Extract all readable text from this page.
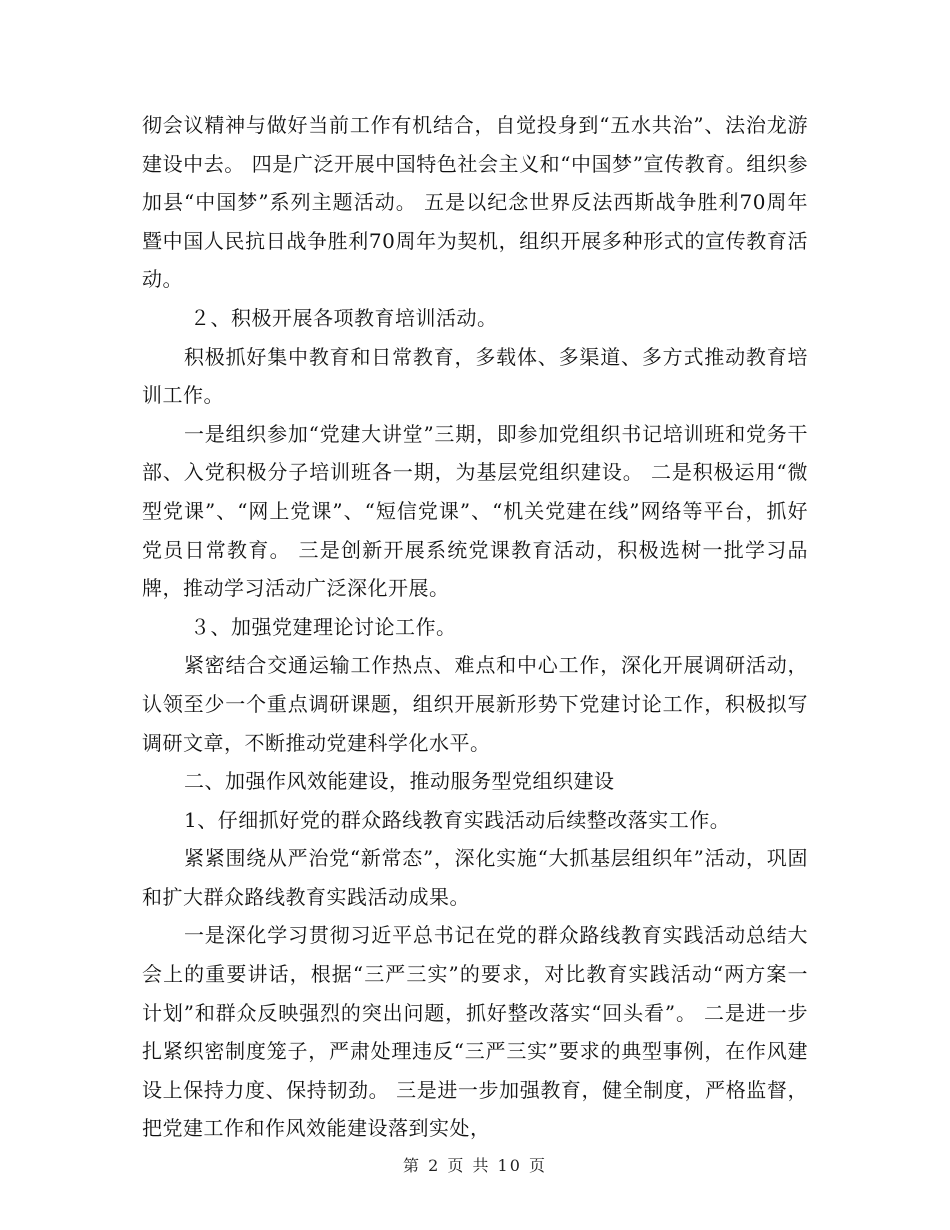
彻会议精神与做好当前工作有机结合，自觉投身到“五水共治”、法治龙游建设中去。 四是广泛开展中国特色社会主义和“中国梦”宣传教育。组织参加县“中国梦”系列主题活动。 五是以纪念世界反法西斯战争胜利70周年暨中国人民抗日战争胜利70周年为契机，组织开展多种形式的宣传教育活动。

２、积极开展各项教育培训活动。

积极抓好集中教育和日常教育，多载体、多渠道、多方式推动教育培训工作。

一是组织参加“党建大讲堂”三期，即参加党组织书记培训班和党务干部、入党积极分子培训班各一期，为基层党组织建设。 二是积极运用“微型党课”、“网上党课”、“短信党课”、“机关党建在线”网络等平台，抓好党员日常教育。 三是创新开展系统党课教育活动，积极选树一批学习品牌，推动学习活动广泛深化开展。

３、加强党建理论讨论工作。

紧密结合交通运输工作热点、难点和中心工作，深化开展调研活动，认领至少一个重点调研课题，组织开展新形势下党建讨论工作，积极拟写调研文章，不断推动党建科学化水平。

二、加强作风效能建设，推动服务型党组织建设

1、仔细抓好党的群众路线教育实践活动后续整改落实工作。

紧紧围绕从严治党“新常态”，深化实施“大抓基层组织年”活动，巩固和扩大群众路线教育实践活动成果。

一是深化学习贯彻习近平总书记在党的群众路线教育实践活动总结大会上的重要讲话，根据“三严三实”的要求，对比教育实践活动“两方案一计划”和群众反映强烈的突出问题，抓好整改落实“回头看”。 二是进一步扎紧织密制度笼子，严肃处理违反“三严三实”要求的典型事例，在作风建设上保持力度、保持韧劲。 三是进一步加强教育，健全制度，严格监督，把党建工作和作风效能建设落到实处，

第 2 页 共 10 页
